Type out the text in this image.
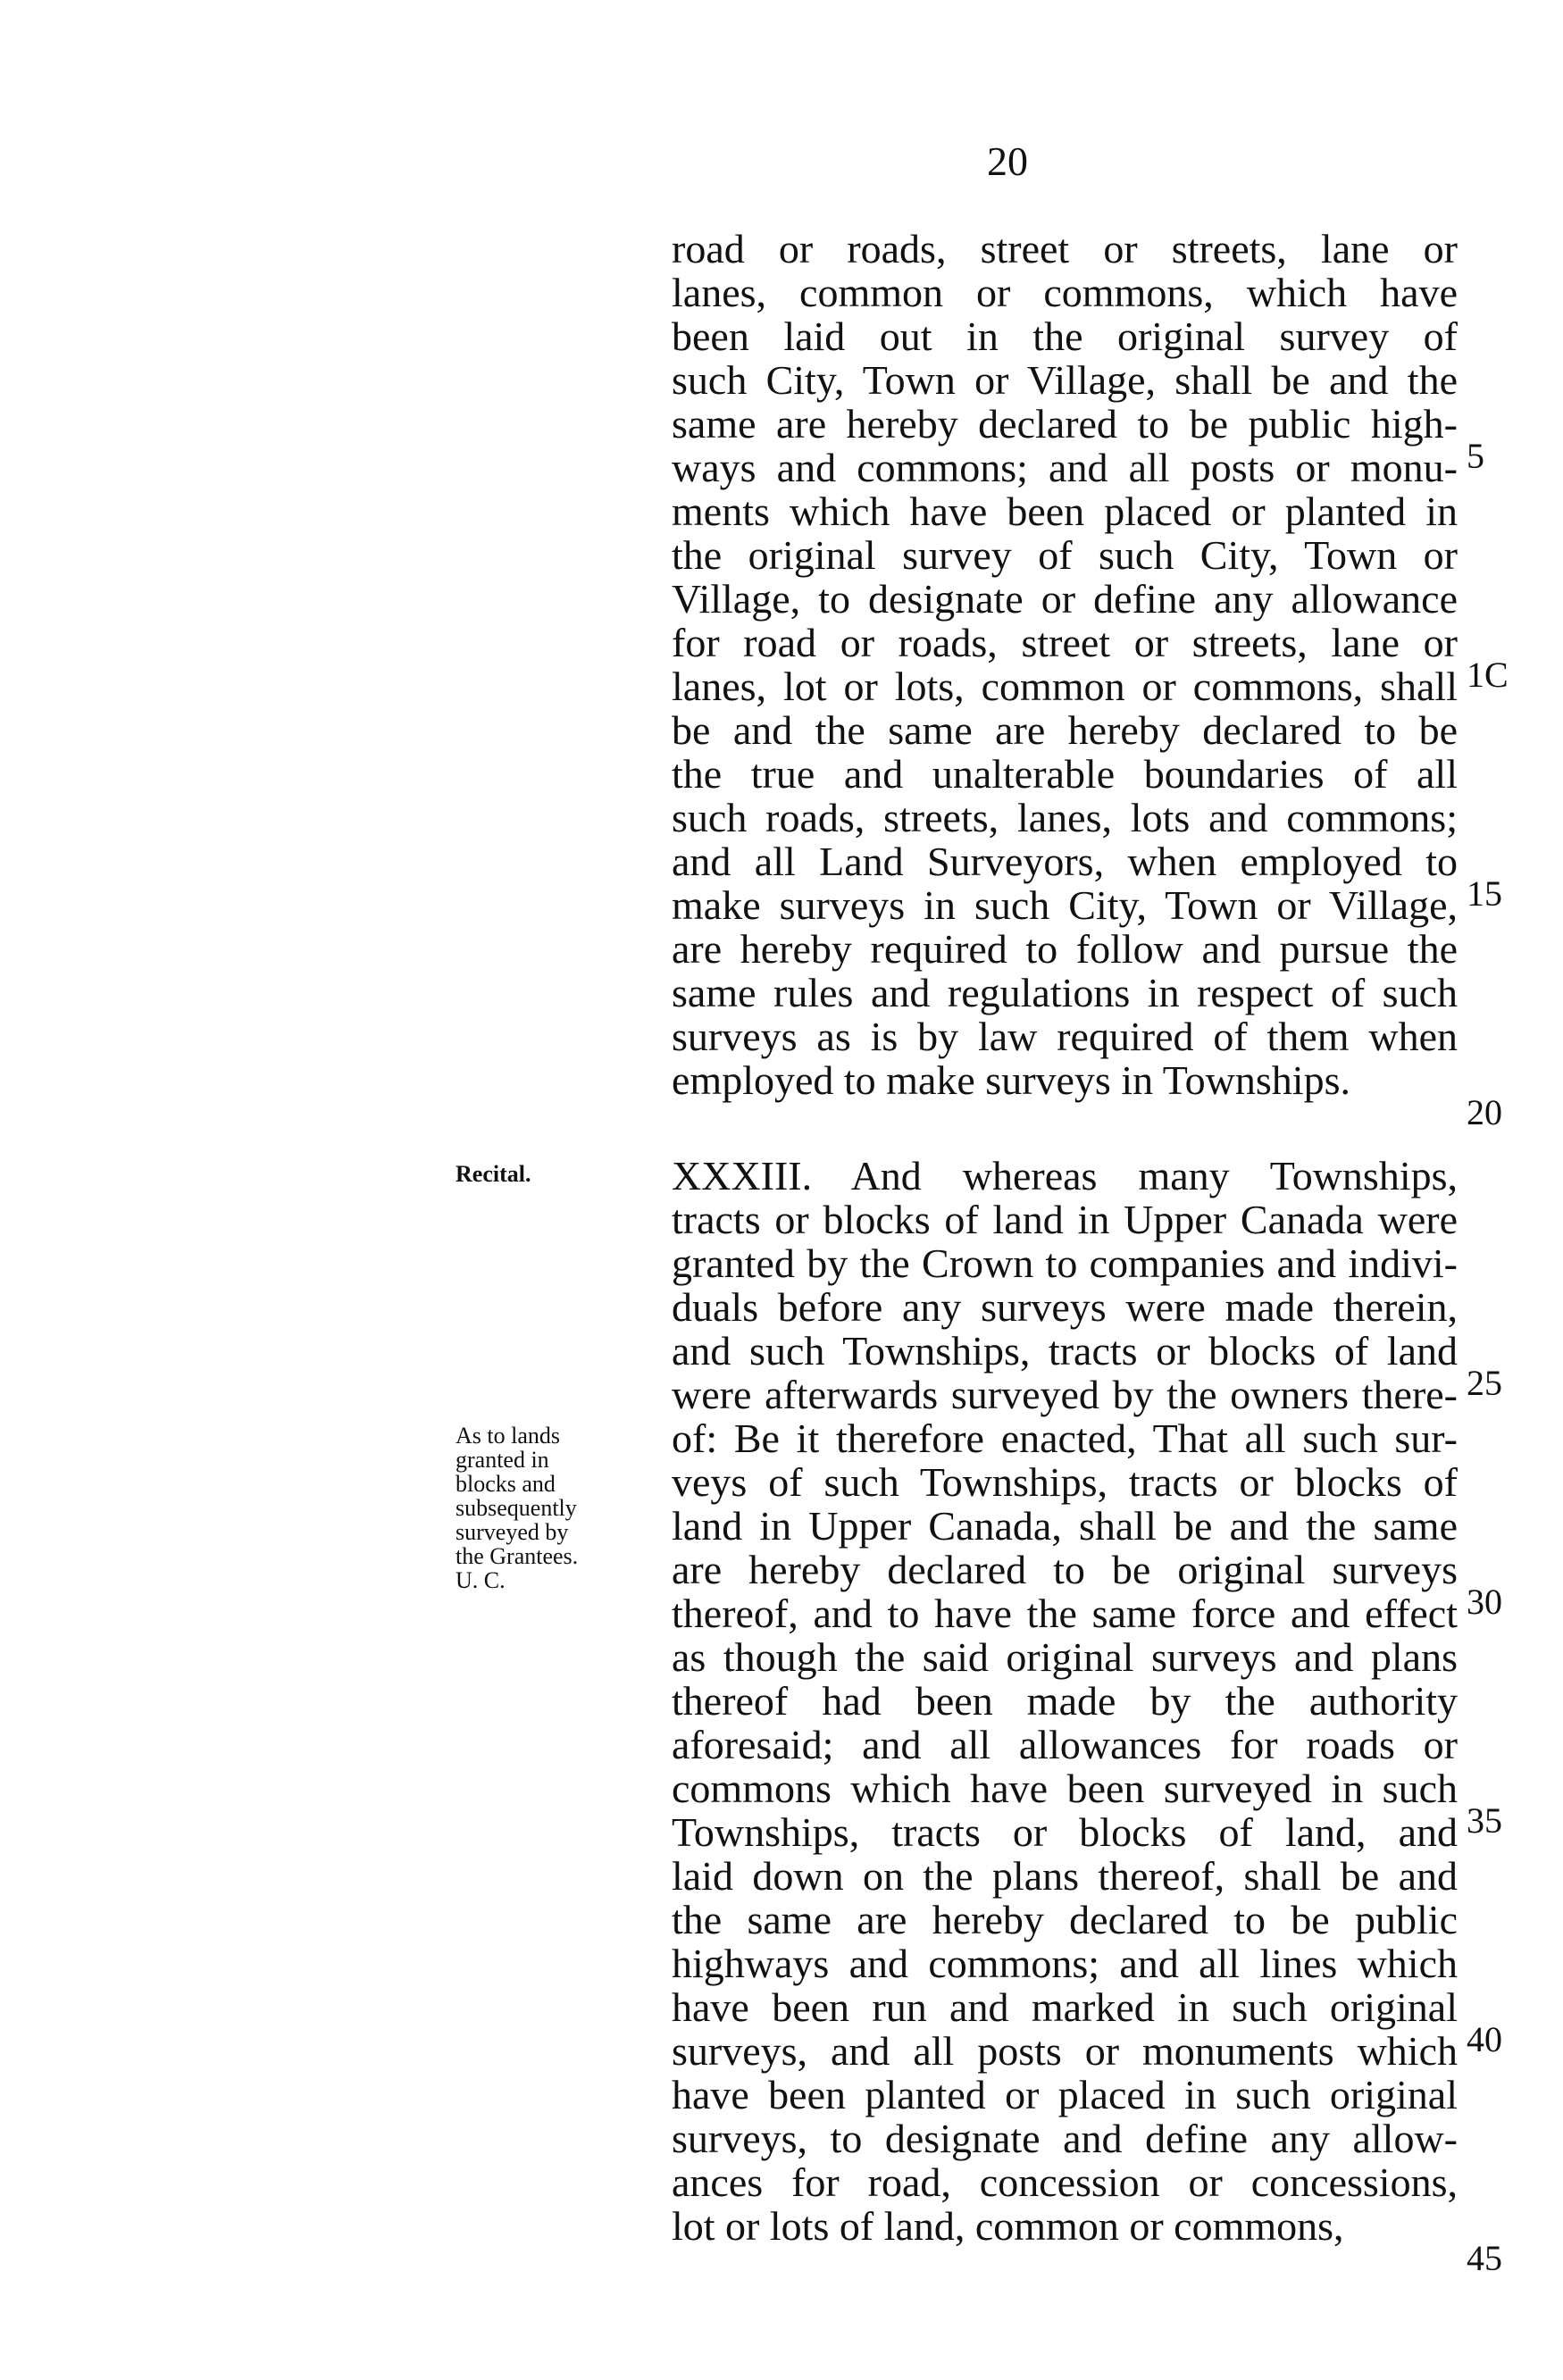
20
road or roads, street or streets, lane or
lanes, common or commons, which have
been laid out in the original survey of
such City, Town or Village, shall be and the
same are hereby declared to be public high-
ways and commons; and all posts or monu-
ments which have been placed or planted in
the original survey of such City, Town or
Village, to designate or define any allowance
for road or roads, street or streets, lane or
lanes, lot or lots, common or commons, shall
be and the same are hereby declared to be
the true and unalterable boundaries of all
such roads, streets, lanes, lots and commons;
and all Land Surveyors, when employed to
make surveys in such City, Town or Village,
are hereby required to follow and pursue the
same rules and regulations in respect of such
surveys as is by law required of them when
employed to make surveys in Townships.
XXXIII. And whereas many Townships,
tracts or blocks of land in Upper Canada were
granted by the Crown to companies and indivi-
duals before any surveys were made therein,
and such Townships, tracts or blocks of land
were afterwards surveyed by the owners there-
of: Be it therefore enacted, That all such sur-
veys of such Townships, tracts or blocks of
land in Upper Canada, shall be and the same
are hereby declared to be original surveys
thereof, and to have the same force and effect
as though the said original surveys and plans
thereof had been made by the authority
aforesaid; and all allowances for roads or
commons which have been surveyed in such
Townships, tracts or blocks of land, and
laid down on the plans thereof, shall be and
the same are hereby declared to be public
highways and commons; and all lines which
have been run and marked in such original
surveys, and all posts or monuments which
have been planted or placed in such original
surveys, to designate and define any allow-
ances for road, concession or concessions,
lot or lots of land, common or commons,
5
1C
15
20
25
30
35
40
45
Recital.
As to lands
granted in
blocks and
subsequently
surveyed by
the Grantees.
U. C.
